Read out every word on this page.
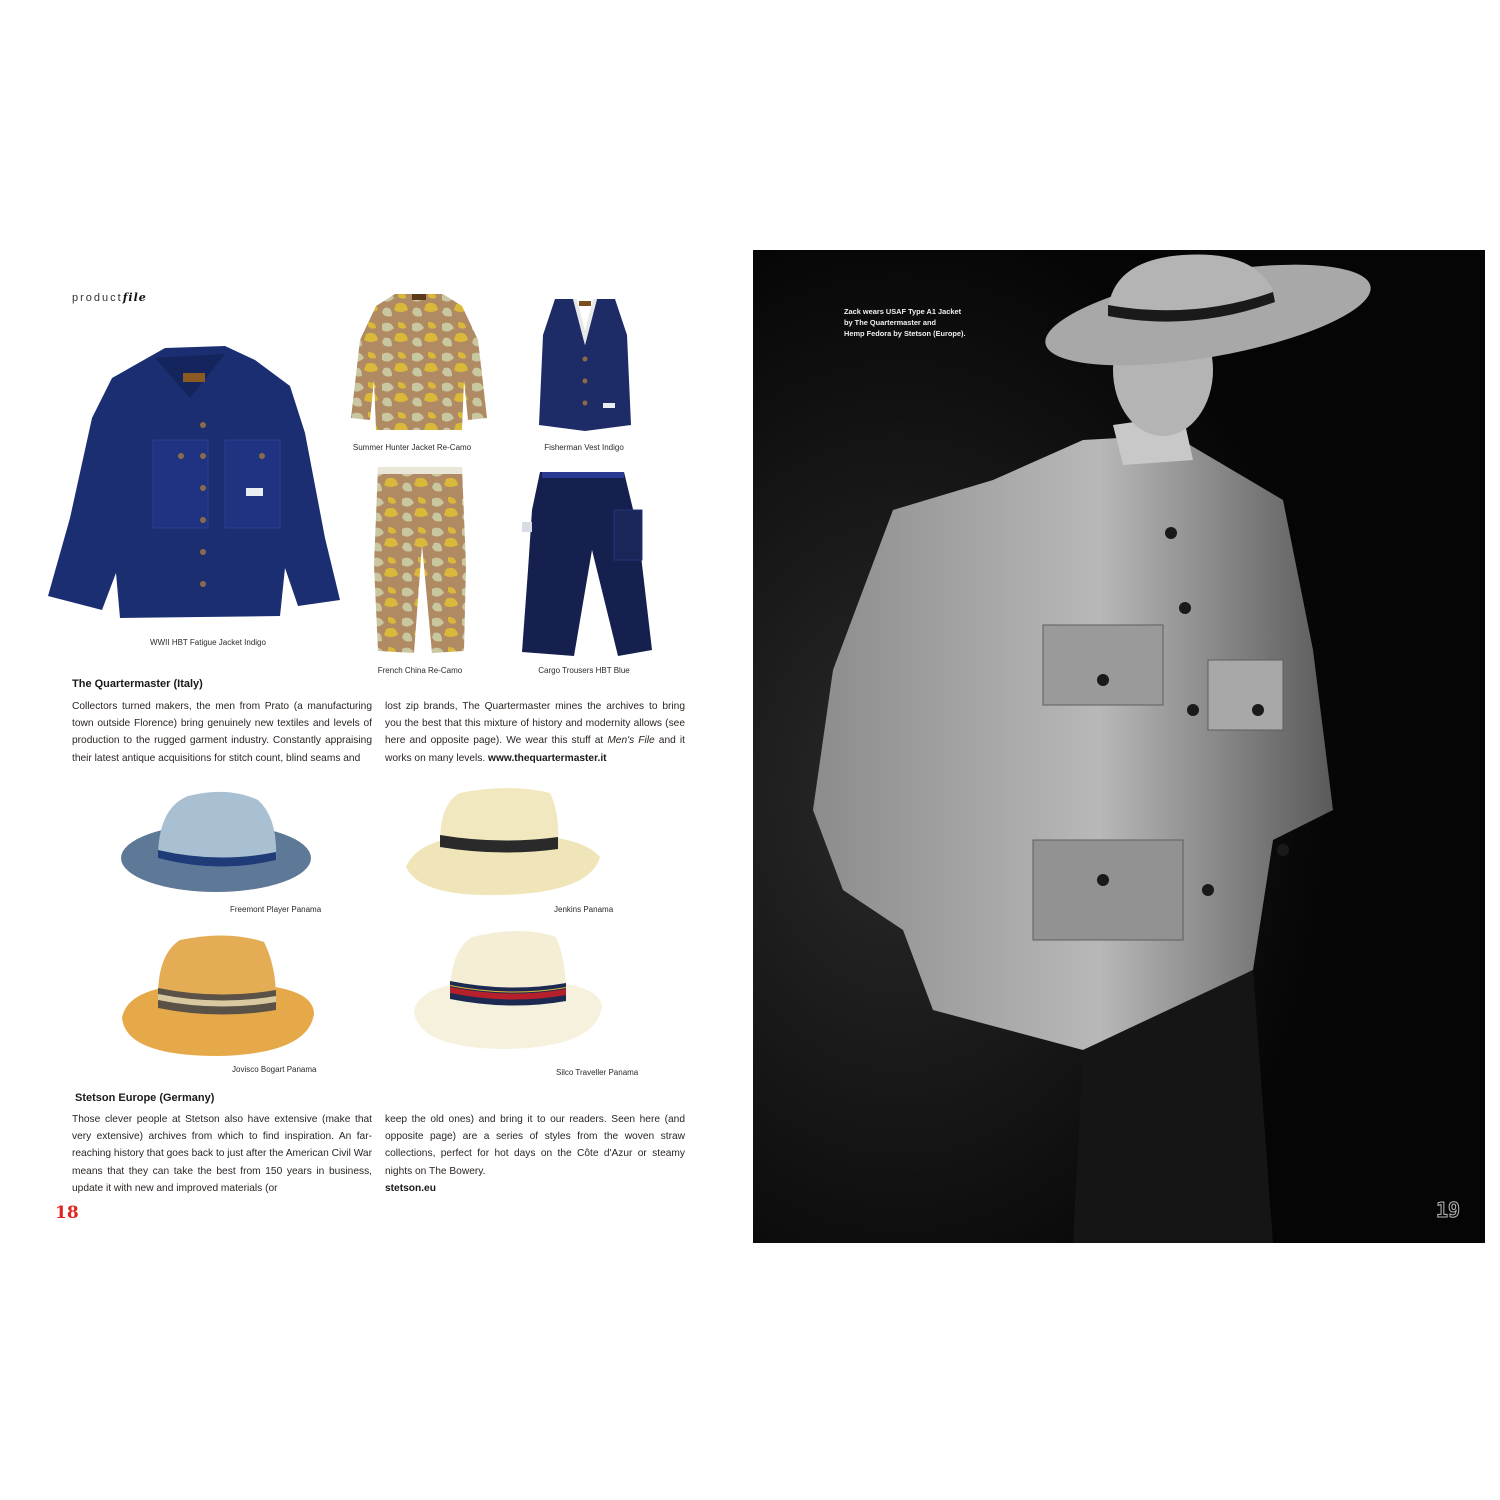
productfile
WWII HBT Fatigue Jacket Indigo
Summer Hunter Jacket Re-Camo	Fisherman Vest Indigo
French China Re-Camo	Cargo Trousers HBT Blue
The Quartermaster (Italy)
Collectors turned makers, the men from Prato (a manufacturing town outside Florence) bring genuinely new textiles and levels of production to the rugged garment industry. Constantly appraising their latest antique acquisitions for stitch count, blind seams and
lost zip brands, The Quartermaster mines the archives to bring you the best that this mixture of history and modernity allows (see here and opposite page). We wear this stuff at Men's File and it works on many levels. www.thequartermaster.it
Freemont Player Panama	Jenkins Panama
Jovisco Bogart Panama	Silco Traveller Panama
Stetson Europe (Germany)
Those clever people at Stetson also have extensive (make that very extensive) archives from which to find inspiration. An far-reaching history that goes back to just after the American Civil War means that they can take the best from 150 years in business, update it with new and improved materials (or
keep the old ones) and bring it to our readers. Seen here (and opposite page) are a series of styles from the woven straw collections, perfect for hot days on the Côte d'Azur or steamy nights on The Bowery.
stetson.eu
18
Zack wears USAF Type A1 Jacket
by The Quartermaster and
Hemp Fedora by Stetson (Europe).
19
